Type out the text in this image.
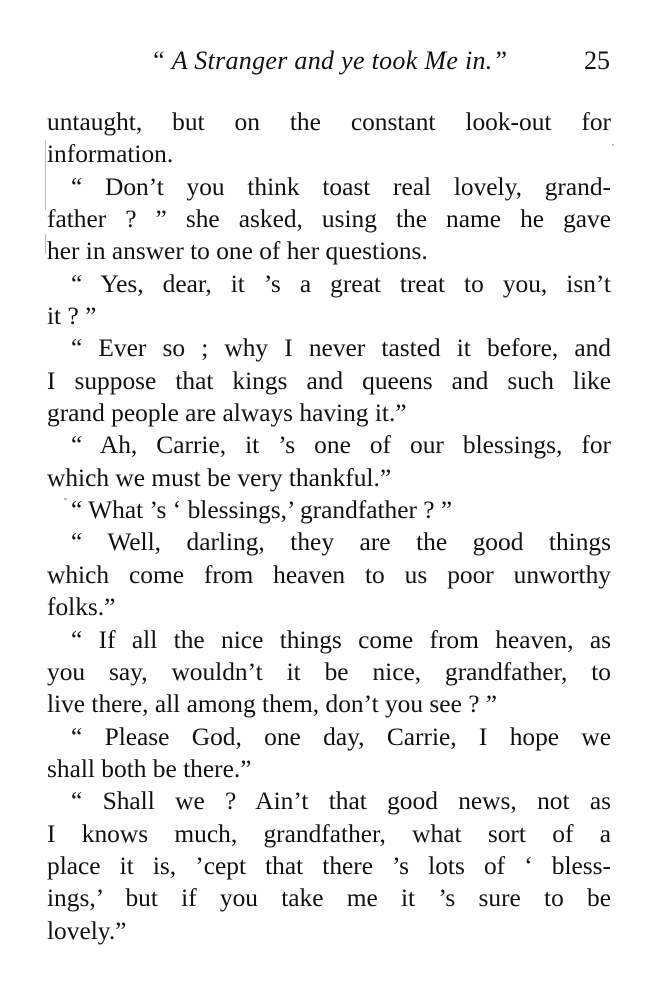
“ A Stranger and ye took Me in.”	25
untaught, but on the constant look-out for
information.
“ Don’t you think toast real lovely, grand-
father ? ” she asked, using the name he gave
her in answer to one of her questions.
“ Yes, dear, it ’s a great treat to you, isn’t
it ? ”
“ Ever so ; why I never tasted it before, and
I suppose that kings and queens and such like
grand people are always having it.”
“ Ah, Carrie, it ’s one of our blessings, for
which we must be very thankful.”
“ What ’s ‘ blessings,’ grandfather ? ”
“ Well, darling, they are the good things
which come from heaven to us poor unworthy
folks.”
“ If all the nice things come from heaven, as
you say, wouldn’t it be nice, grandfather, to
live there, all among them, don’t you see ? ”
“ Please God, one day, Carrie, I hope we
shall both be there.”
“ Shall we ? Ain’t that good news, not as
I knows much, grandfather, what sort of a
place it is, ’cept that there ’s lots of ‘ bless-
ings,’ but if you take me it ’s sure to be
lovely.”
